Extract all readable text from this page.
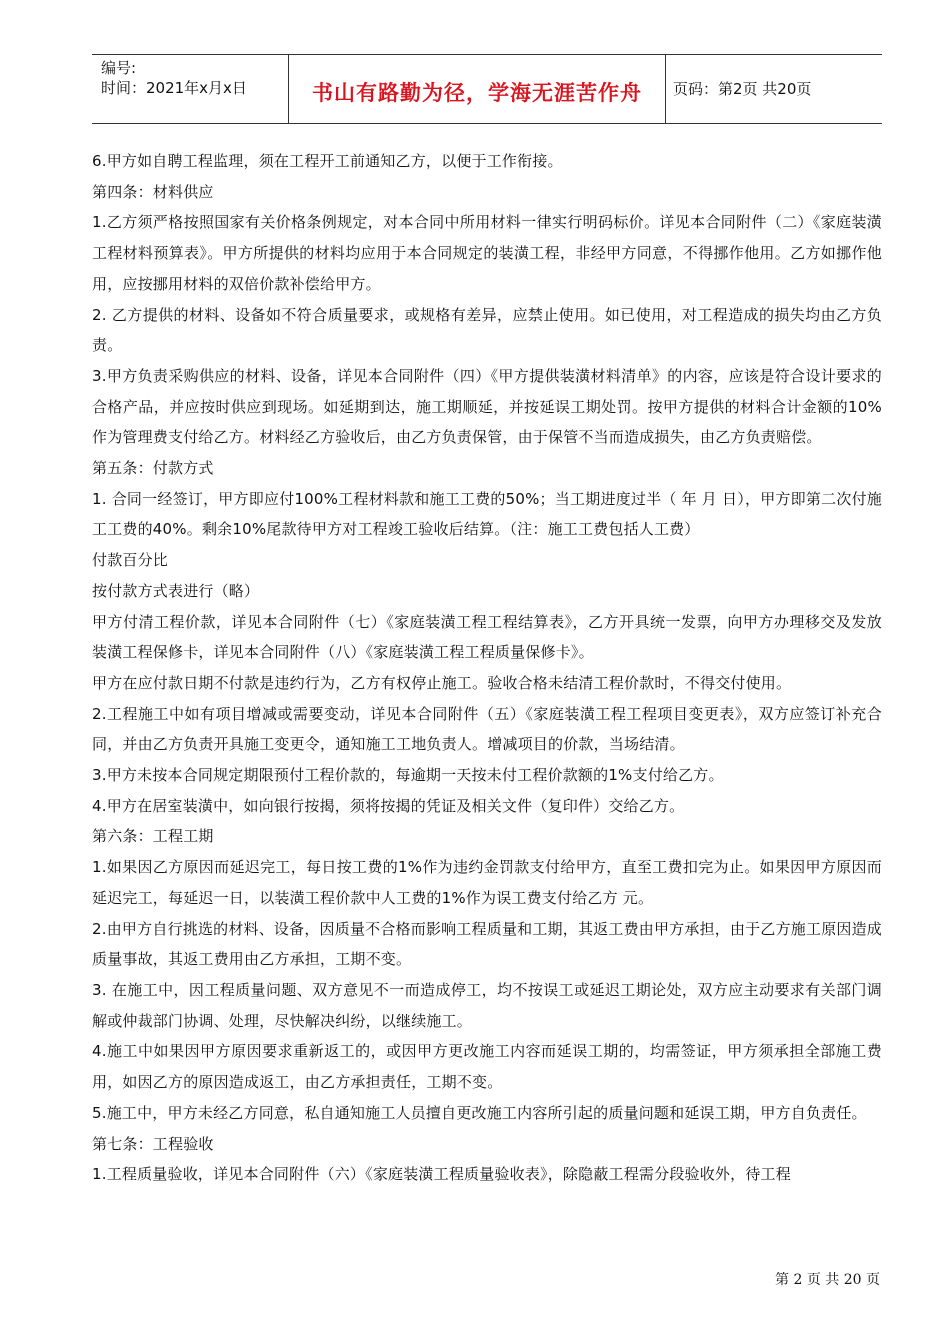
编号:
时间：2021年x月x日	书山有路勤为径，学海无涯苦作舟	页码：第2页 共20页

6.甲方如自聘工程监理，须在工程开工前通知乙方，以便于工作衔接。

第四条：材料供应

1.乙方须严格按照国家有关价格条例规定，对本合同中所用材料一律实行明码标价。详见本合同附件（二）《家庭装潢工程材料预算表》。甲方所提供的材料均应用于本合同规定的装潢工程，非经甲方同意，不得挪作他用。乙方如挪作他用，应按挪用材料的双倍价款补偿给甲方。

2. 乙方提供的材料、设备如不符合质量要求，或规格有差异，应禁止使用。如已使用，对工程造成的损失均由乙方负责。

3.甲方负责采购供应的材料、设备，详见本合同附件（四）《甲方提供装潢材料清单》的内容，应该是符合设计要求的合格产品，并应按时供应到现场。如延期到达，施工期顺延，并按延误工期处罚。按甲方提供的材料合计金额的10%作为管理费支付给乙方。材料经乙方验收后，由乙方负责保管，由于保管不当而造成损失，由乙方负责赔偿。

第五条：付款方式

1. 合同一经签订，甲方即应付100%工程材料款和施工工费的50%；当工期进度过半（ 年 月 日），甲方即第二次付施工工费的40%。剩余10%尾款待甲方对工程竣工验收后结算。（注：施工工费包括人工费）

付款百分比

按付款方式表进行（略）

甲方付清工程价款，详见本合同附件（七）《家庭装潢工程工程结算表》，乙方开具统一发票，向甲方办理移交及发放装潢工程保修卡，详见本合同附件（八）《家庭装潢工程工程质量保修卡》。

甲方在应付款日期不付款是违约行为，乙方有权停止施工。验收合格未结清工程价款时，不得交付使用。

2.工程施工中如有项目增减或需要变动，详见本合同附件（五）《家庭装潢工程工程项目变更表》，双方应签订补充合同，并由乙方负责开具施工变更令，通知施工工地负责人。增减项目的价款，当场结清。

3.甲方未按本合同规定期限预付工程价款的，每逾期一天按未付工程价款额的1%支付给乙方。

4.甲方在居室装潢中，如向银行按揭，须将按揭的凭证及相关文件（复印件）交给乙方。

第六条：工程工期

1.如果因乙方原因而延迟完工，每日按工费的1%作为违约金罚款支付给甲方，直至工费扣完为止。如果因甲方原因而延迟完工，每延迟一日，以装潢工程价款中人工费的1%作为误工费支付给乙方 元。

2.由甲方自行挑选的材料、设备，因质量不合格而影响工程质量和工期，其返工费由甲方承担，由于乙方施工原因造成质量事故，其返工费用由乙方承担，工期不变。

3. 在施工中，因工程质量问题、双方意见不一而造成停工，均不按误工或延迟工期论处，双方应主动要求有关部门调解或仲裁部门协调、处理，尽快解决纠纷，以继续施工。

4.施工中如果因甲方原因要求重新返工的，或因甲方更改施工内容而延误工期的，均需签证，甲方须承担全部施工费用，如因乙方的原因造成返工，由乙方承担责任，工期不变。

5.施工中，甲方未经乙方同意，私自通知施工人员擅自更改施工内容所引起的质量问题和延误工期，甲方自负责任。

第七条：工程验收

1.工程质量验收，详见本合同附件（六）《家庭装潢工程质量验收表》，除隐蔽工程需分段验收外，待工程

第 2 页 共 20 页
